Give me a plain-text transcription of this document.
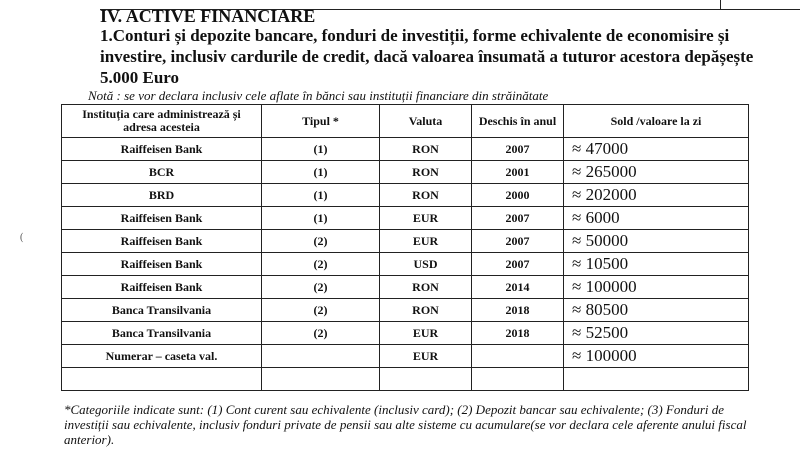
IV. ACTIVE FINANCIARE
1.Conturi și depozite bancare, fonduri de investiții, forme echivalente de economisire și investire, inclusiv cardurile de credit, dacă valoarea însumată a tuturor acestora depășește 5.000 Euro
Notă : se vor declara inclusiv cele aflate în bănci sau instituții financiare din străinătate
(
Instituția care administrează și adresa acesteia	Tipul *	Valuta	Deschis în anul	Sold /valoare la zi
Raiffeisen Bank	(1)	RON	2007	≈ 47000
BCR	(1)	RON	2001	≈ 265000
BRD	(1)	RON	2000	≈ 202000
Raiffeisen Bank	(1)	EUR	2007	≈ 6000
Raiffeisen Bank	(2)	EUR	2007	≈ 50000
Raiffeisen Bank	(2)	USD	2007	≈ 10500
Raiffeisen Bank	(2)	RON	2014	≈ 100000
Banca Transilvania	(2)	RON	2018	≈ 80500
Banca Transilvania	(2)	EUR	2018	≈ 52500
Numerar – caseta val.		EUR		≈ 100000

*Categoriile indicate sunt: (1) Cont curent sau echivalente (inclusiv card); (2) Depozit bancar sau echivalente; (3) Fonduri de investiții sau echivalente, inclusiv fonduri private de pensii sau alte sisteme cu acumulare(se vor declara cele aferente anului fiscal anterior).
